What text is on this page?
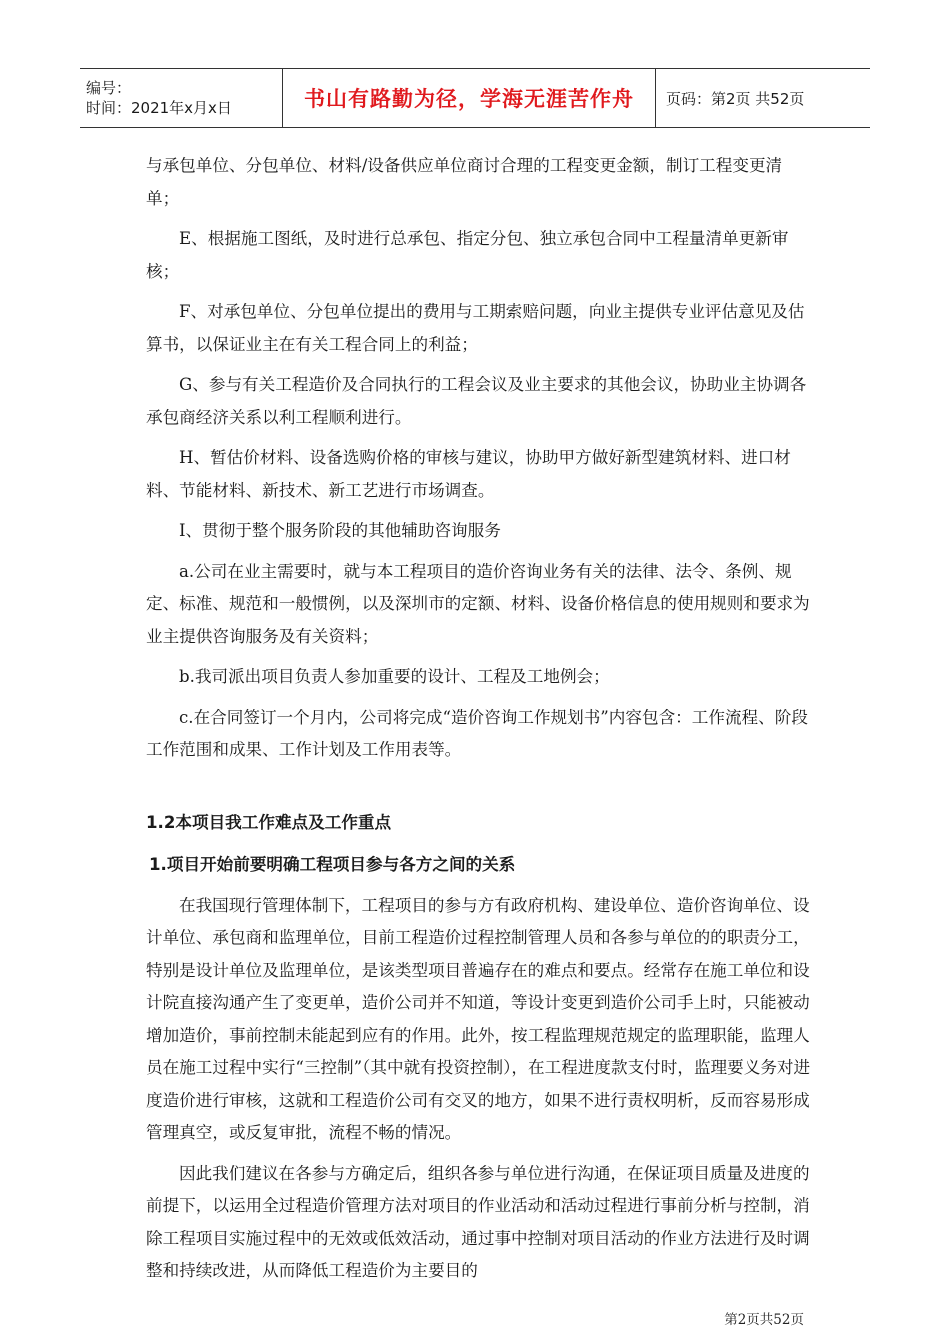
编号：
时间：2021年x月x日	书山有路勤为径，学海无涯苦作舟	页码：第2页 共52页

与承包单位、分包单位、材料/设备供应单位商讨合理的工程变更金额，制订工程变更清单；

E、根据施工图纸，及时进行总承包、指定分包、独立承包合同中工程量清单更新审核；

F、对承包单位、分包单位提出的费用与工期索赔问题，向业主提供专业评估意见及估算书，以保证业主在有关工程合同上的利益；

G、参与有关工程造价及合同执行的工程会议及业主要求的其他会议，协助业主协调各承包商经济关系以利工程顺利进行。

H、暂估价材料、设备选购价格的审核与建议，协助甲方做好新型建筑材料、进口材料、节能材料、新技术、新工艺进行市场调查。

I、贯彻于整个服务阶段的其他辅助咨询服务

a.公司在业主需要时，就与本工程项目的造价咨询业务有关的法律、法令、条例、规定、标准、规范和一般惯例，以及深圳市的定额、材料、设备价格信息的使用规则和要求为业主提供咨询服务及有关资料；

b.我司派出项目负责人参加重要的设计、工程及工地例会；

c.在合同签订一个月内，公司将完成“造价咨询工作规划书”内容包含：工作流程、阶段工作范围和成果、工作计划及工作用表等。

1.2本项目我工作难点及工作重点

1.项目开始前要明确工程项目参与各方之间的关系

在我国现行管理体制下，工程项目的参与方有政府机构、建设单位、造价咨询单位、设计单位、承包商和监理单位，目前工程造价过程控制管理人员和各参与单位的的职责分工，特别是设计单位及监理单位，是该类型项目普遍存在的难点和要点。经常存在施工单位和设计院直接沟通产生了变更单，造价公司并不知道，等设计变更到造价公司手上时，只能被动增加造价，事前控制未能起到应有的作用。此外，按工程监理规范规定的监理职能，监理人员在施工过程中实行“三控制”（其中就有投资控制），在工程进度款支付时，监理要义务对进度造价进行审核，这就和工程造价公司有交叉的地方，如果不进行责权明析，反而容易形成管理真空，或反复审批，流程不畅的情况。

因此我们建议在各参与方确定后，组织各参与单位进行沟通，在保证项目质量及进度的前提下，以运用全过程造价管理方法对项目的作业活动和活动过程进行事前分析与控制，消除工程项目实施过程中的无效或低效活动，通过事中控制对项目活动的作业方法进行及时调整和持续改进，从而降低工程造价为主要目的

第2页共52页
